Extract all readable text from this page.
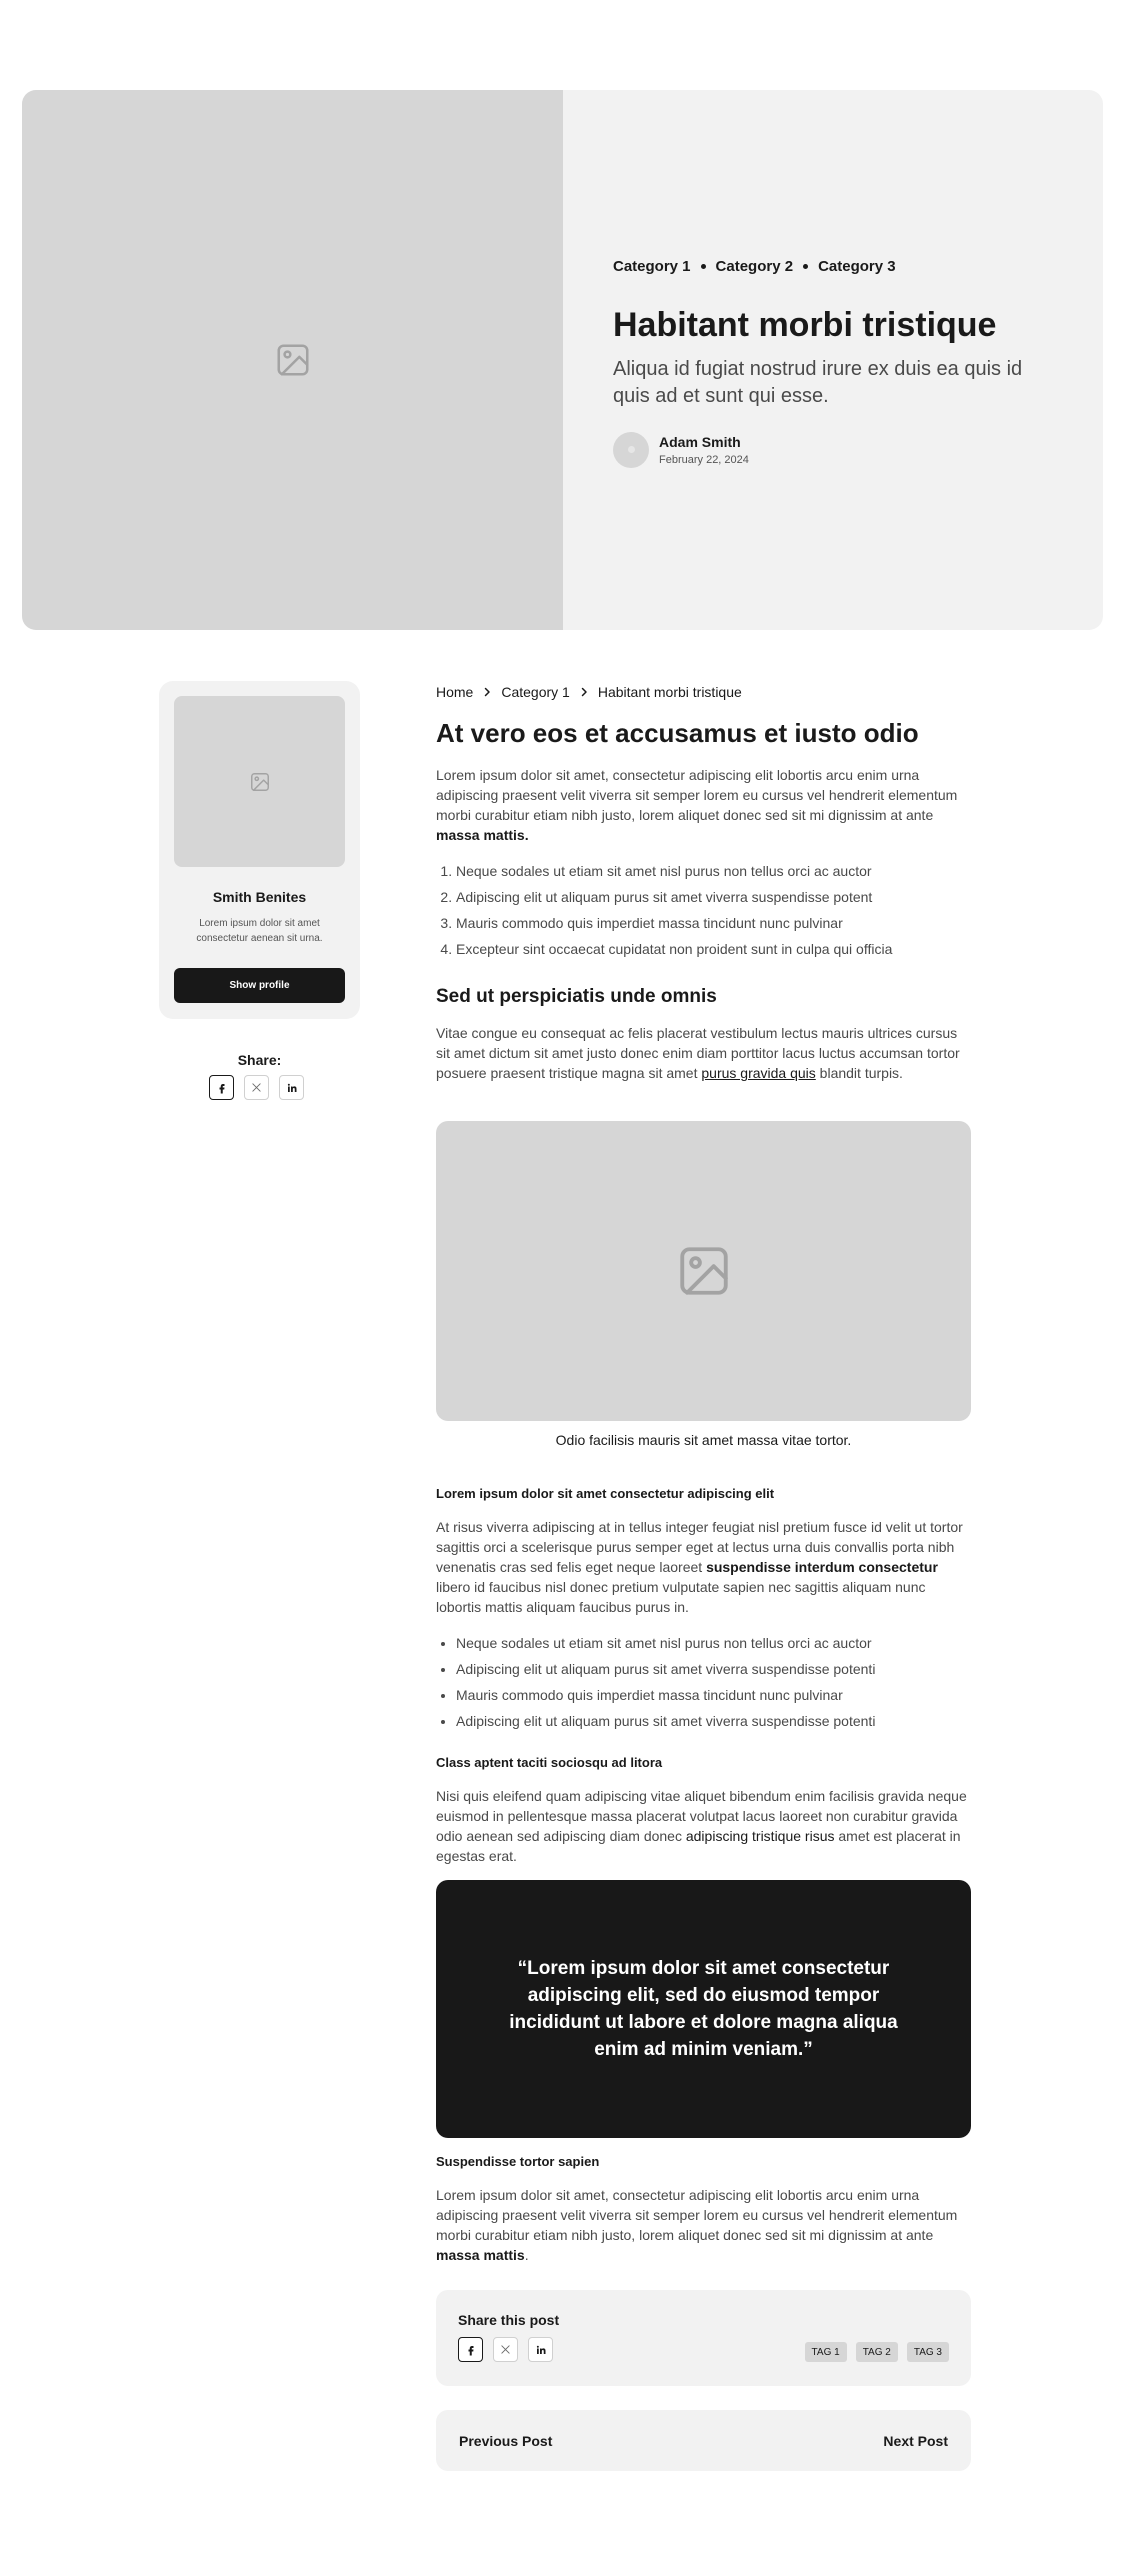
Category 1 Category 2 Category 3
Habitant morbi tristique

Aliqua id fugiat nostrud irure ex duis ea quis id quis ad et sunt qui esse.

Adam Smith
February 22, 2024
Smith Benites
Lorem ipsum dolor sit amet consectetur aenean sit urna.
Show profile
Share:
Home Category 1 Habitant morbi tristique
At vero eos et accusamus et iusto odio

Lorem ipsum dolor sit amet, consectetur adipiscing elit lobortis arcu enim urna adipiscing praesent velit viverra sit semper lorem eu cursus vel hendrerit elementum morbi curabitur etiam nibh justo, lorem aliquet donec sed sit mi dignissim at ante massa mattis.

1. Neque sodales ut etiam sit amet nisl purus non tellus orci ac auctor
2. Adipiscing elit ut aliquam purus sit amet viverra suspendisse potent
3. Mauris commodo quis imperdiet massa tincidunt nunc pulvinar
4. Excepteur sint occaecat cupidatat non proident sunt in culpa qui officia
Sed ut perspiciatis unde omnis

Vitae congue eu consequat ac felis placerat vestibulum lectus mauris ultrices cursus sit amet dictum sit amet justo donec enim diam porttitor lacus luctus accumsan tortor posuere praesent tristique magna sit amet purus gravida quis blandit turpis.

Odio facilisis mauris sit amet massa vitae tortor.

Lorem ipsum dolor sit amet consectetur adipiscing elit

At risus viverra adipiscing at in tellus integer feugiat nisl pretium fusce id velit ut tortor sagittis orci a scelerisque purus semper eget at lectus urna duis convallis porta nibh venenatis cras sed felis eget neque laoreet suspendisse interdum consectetur libero id faucibus nisl donec pretium vulputate sapien nec sagittis aliquam nunc lobortis mattis aliquam faucibus purus in.

• Neque sodales ut etiam sit amet nisl purus non tellus orci ac auctor
• Adipiscing elit ut aliquam purus sit amet viverra suspendisse potenti
• Mauris commodo quis imperdiet massa tincidunt nunc pulvinar
• Adipiscing elit ut aliquam purus sit amet viverra suspendisse potenti
Class aptent taciti sociosqu ad litora

Nisi quis eleifend quam adipiscing vitae aliquet bibendum enim facilisis gravida neque euismod in pellentesque massa placerat volutpat lacus laoreet non curabitur gravida odio aenean sed adipiscing diam donec adipiscing tristique risus amet est placerat in egestas erat.

“Lorem ipsum dolor sit amet consectetur adipiscing elit, sed do eiusmod tempor incididunt ut labore et dolore magna aliqua enim ad minim veniam.”

Suspendisse tortor sapien

Lorem ipsum dolor sit amet, consectetur adipiscing elit lobortis arcu enim urna adipiscing praesent velit viverra sit semper lorem eu cursus vel hendrerit elementum morbi curabitur etiam nibh justo, lorem aliquet donec sed sit mi dignissim at ante massa mattis.

Share this post
TAG 1	TAG 2	TAG 3
Previous Post	Next Post
